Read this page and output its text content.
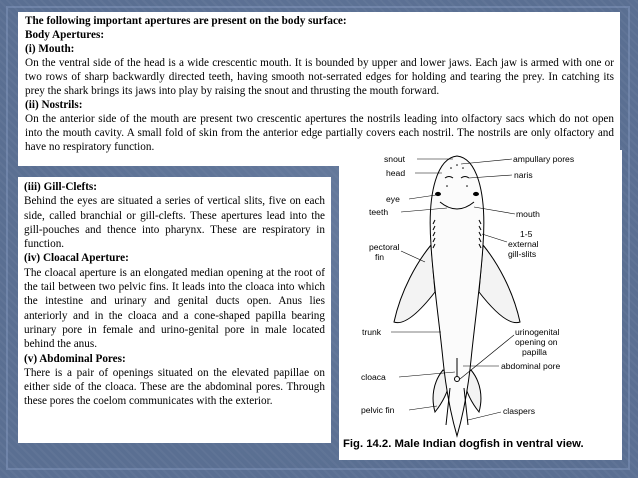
The following important apertures are present on the body surface:

Body Apertures:

(i) Mouth:

On the ventral side of the head is a wide crescentic mouth. It is bounded by upper and lower jaws. Each jaw is armed with one or two rows of sharp backwardly directed teeth, having smooth not-serrated edges for holding and tearing the prey. In catching its prey the shark brings its jaws into play by raising the snout and thrusting the mouth forward.

(ii) Nostrils:

On the anterior side of the mouth are present two crescentic apertures the nostrils leading into olfactory sacs which do not open into the mouth cavity. A small fold of skin from the anterior edge partially covers each nostril. The nostrils are only olfactory and have no respiratory function.

(iii) Gill-Clefts:

Behind the eyes are situated a series of vertical slits, five on each side, called branchial or gill-clefts. These apertures lead into the gill-pouches and thence into pharynx. These are respiratory in function.

(iv) Cloacal Aperture:

The cloacal aperture is an elongated median opening at the root of the tail between two pelvic fins. It leads into the cloaca into which the intestine and urinary and genital ducts open. Anus lies anteriorly and in the cloaca and a cone-shaped papilla bearing urinary pore in female and urino-genital pore in male located behind the anus.

(v) Abdominal Pores:

There is a pair of openings situated on the elevated papillae on either side of the cloaca. These are the abdominal pores. Through these pores the coelom communicates with the exterior.

snout
head
eye
teeth
pectoral
fin
trunk
cloaca
pelvic fin
ampullary pores
naris
mouth
1-5
external
gill-slits
urinogenital
opening on
papilla
abdominal pore
claspers
Fig. 14.2. Male Indian dogfish in ventral view.
